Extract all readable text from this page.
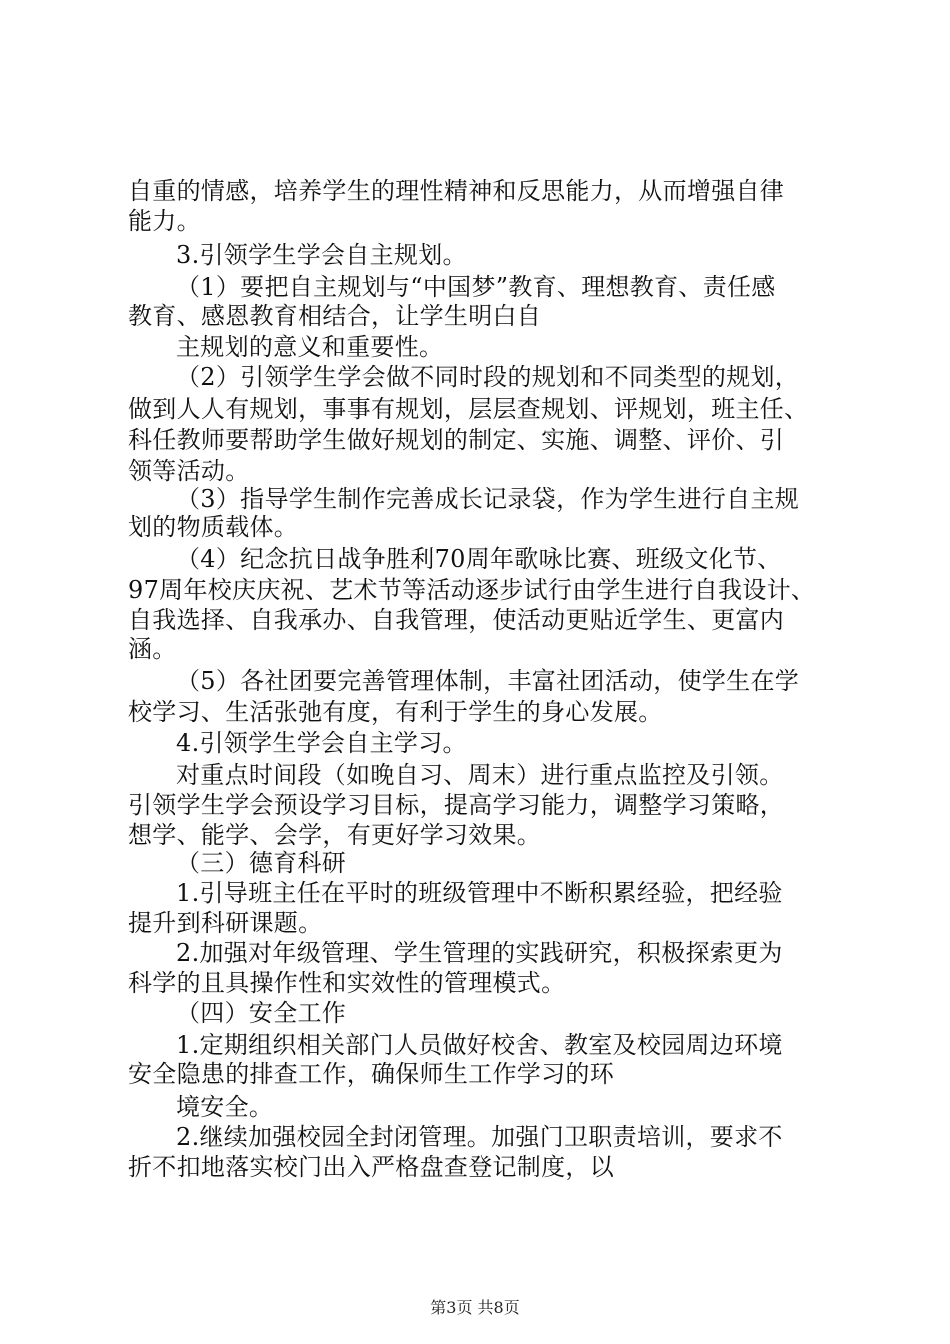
自重的情感，培养学生的理性精神和反思能力，从而增强自律
能力。
3.引领学生学会自主规划。
（1）要把自主规划与“中国梦”教育、理想教育、责任感
教育、感恩教育相结合，让学生明白自
主规划的意义和重要性。
（2）引领学生学会做不同时段的规划和不同类型的规划，
做到人人有规划，事事有规划，层层查规划、评规划，班主任、
科任教师要帮助学生做好规划的制定、实施、调整、评价、引
领等活动。
（3）指导学生制作完善成长记录袋，作为学生进行自主规
划的物质载体。
（4）纪念抗日战争胜利70周年歌咏比赛、班级文化节、
97周年校庆庆祝、艺术节等活动逐步试行由学生进行自我设计、
自我选择、自我承办、自我管理，使活动更贴近学生、更富内
涵。
（5）各社团要完善管理体制，丰富社团活动，使学生在学
校学习、生活张弛有度，有利于学生的身心发展。
4.引领学生学会自主学习。
对重点时间段（如晚自习、周末）进行重点监控及引领。
引领学生学会预设学习目标，提高学习能力，调整学习策略，
想学、能学、会学，有更好学习效果。
（三）德育科研
1.引导班主任在平时的班级管理中不断积累经验，把经验
提升到科研课题。
2.加强对年级管理、学生管理的实践研究，积极探索更为
科学的且具操作性和实效性的管理模式。
（四）安全工作
1.定期组织相关部门人员做好校舍、教室及校园周边环境
安全隐患的排查工作，确保师生工作学习的环
境安全。
2.继续加强校园全封闭管理。加强门卫职责培训，要求不
折不扣地落实校门出入严格盘查登记制度，以
第3页 共8页
